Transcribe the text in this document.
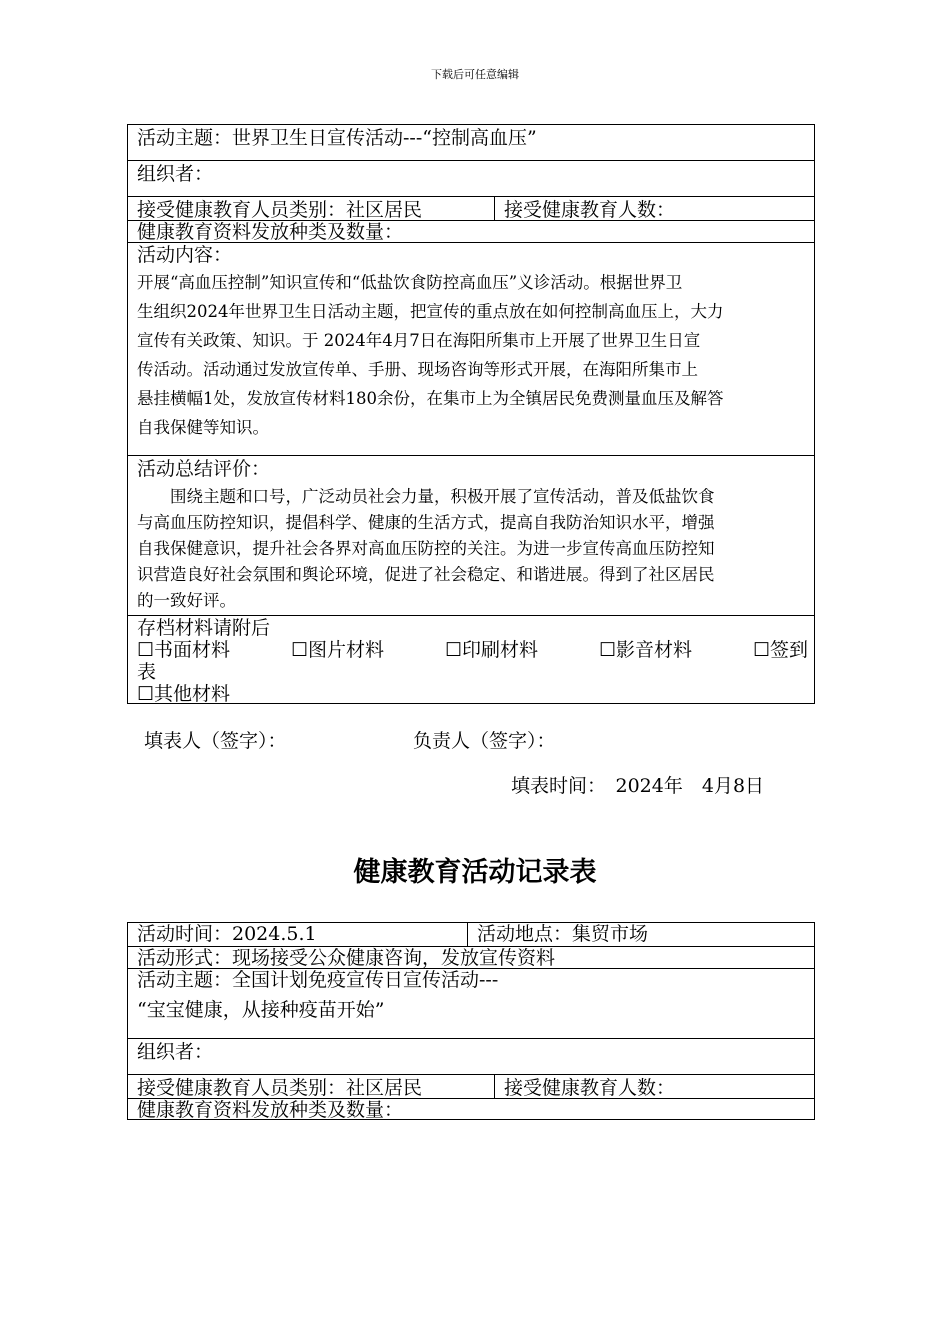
下载后可任意编辑
活动主题：世界卫生日宣传活动---“控制高血压”
组织者：
接受健康教育人员类别：社区居民	接受健康教育人数：
健康教育资料发放种类及数量：
活动内容：
开展“高血压控制”知识宣传和“低盐饮食防控高血压”义诊活动。根据世界卫
生组织2024年世界卫生日活动主题，把宣传的重点放在如何控制高血压上，大力
宣传有关政策、知识。于 2024年4月7日在海阳所集市上开展了世界卫生日宣
传活动。活动通过发放宣传单、手册、现场咨询等形式开展，在海阳所集市上
悬挂横幅1处，发放宣传材料180余份，在集市上为全镇居民免费测量血压及解答
自我保健等知识。
活动总结评价：
　　围绕主题和口号，广泛动员社会力量，积极开展了宣传活动，普及低盐饮食
与高血压防控知识，提倡科学、健康的生活方式，提高自我防治知识水平，增强
自我保健意识，提升社会各界对高血压防控的关注。为进一步宣传高血压防控知
识营造良好社会氛围和舆论环境，促进了社会稳定、和谐进展。得到了社区居民
的一致好评。
存档材料请附后
☐书面材料	☐图片材料	☐印刷材料	☐影音材料	☐签到
表
☐其他材料
填表人（签字）：	负责人（签字）：
填表时间：　2024年　4月8日
健康教育活动记录表
活动时间：2024.5.1	活动地点：集贸市场
活动形式：现场接受公众健康咨询，发放宣传资料
活动主题：全国计划免疫宣传日宣传活动---
“宝宝健康，从接种疫苗开始”
组织者：
接受健康教育人员类别：社区居民	接受健康教育人数：
健康教育资料发放种类及数量：
